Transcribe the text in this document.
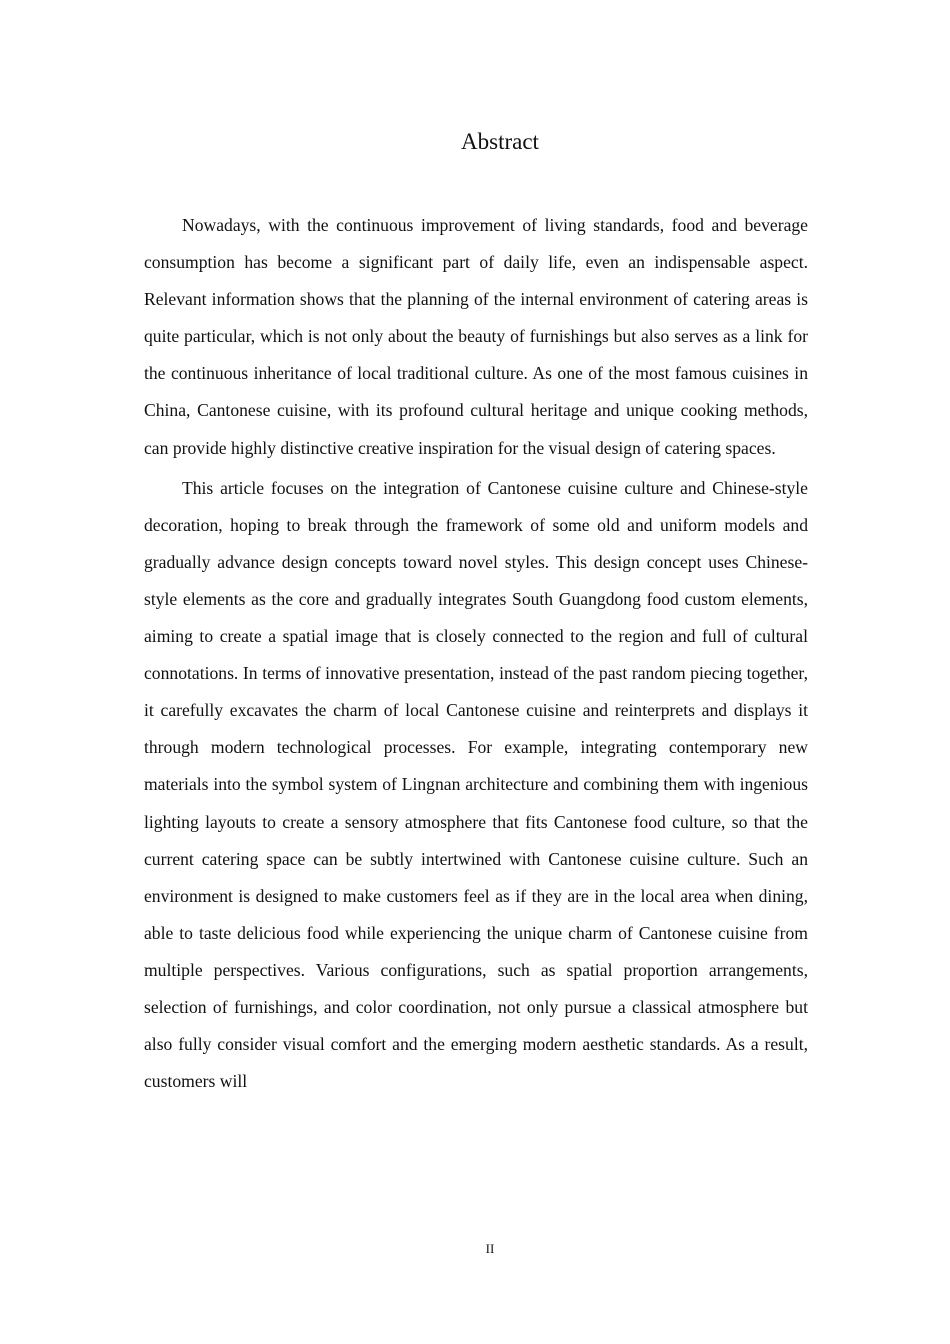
Abstract

Nowadays, with the continuous improvement of living standards, food and beverage consumption has become a significant part of daily life, even an indispensable aspect. Relevant information shows that the planning of the internal environment of catering areas is quite particular, which is not only about the beauty of furnishings but also serves as a link for the continuous inheritance of local traditional culture. As one of the most famous cuisines in China, Cantonese cuisine, with its profound cultural heritage and unique cooking methods, can provide highly distinctive creative inspiration for the visual design of catering spaces.

This article focuses on the integration of Cantonese cuisine culture and Chinese-style decoration, hoping to break through the framework of some old and uniform models and gradually advance design concepts toward novel styles. This design concept uses Chinese-style elements as the core and gradually integrates South Guangdong food custom elements, aiming to create a spatial image that is closely connected to the region and full of cultural connotations. In terms of innovative presentation, instead of the past random piecing together, it carefully excavates the charm of local Cantonese cuisine and reinterprets and displays it through modern technological processes. For example, integrating contemporary new materials into the symbol system of Lingnan architecture and combining them with ingenious lighting layouts to create a sensory atmosphere that fits Cantonese food culture, so that the current catering space can be subtly intertwined with Cantonese cuisine culture. Such an environment is designed to make customers feel as if they are in the local area when dining, able to taste delicious food while experiencing the unique charm of Cantonese cuisine from multiple perspectives. Various configurations, such as spatial proportion arrangements, selection of furnishings, and color coordination, not only pursue a classical atmosphere but also fully consider visual comfort and the emerging modern aesthetic standards. As a result, customers will

II
